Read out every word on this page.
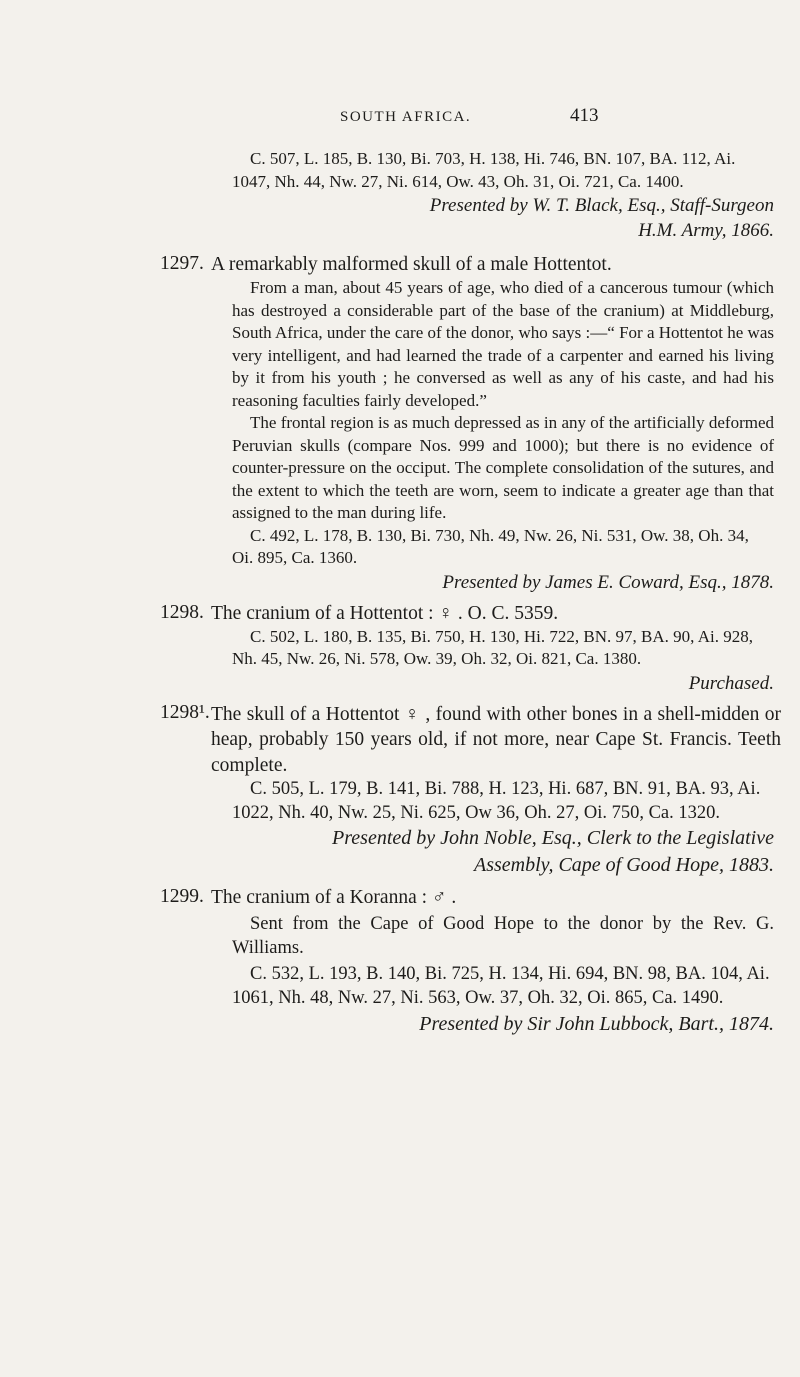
SOUTH AFRICA.	413

C. 507, L. 185, B. 130, Bi. 703, H. 138, Hi. 746, BN. 107, BA. 112, Ai. 1047, Nh. 44, Nw. 27, Ni. 614, Ow. 43, Oh. 31, Oi. 721, Ca. 1400.

Presented by W. T. Black, Esq., Staff-Surgeon

H.M. Army, 1866.

1297. A remarkably malformed skull of a male Hottentot.

From a man, about 45 years of age, who died of a cancerous tumour (which has destroyed a considerable part of the base of the cranium) at Middleburg, South Africa, under the care of the donor, who says :—“ For a Hottentot he was very intelligent, and had learned the trade of a carpenter and earned his living by it from his youth ; he conversed as well as any of his caste, and had his reasoning faculties fairly developed.”

The frontal region is as much depressed as in any of the artificially deformed Peruvian skulls (compare Nos. 999 and 1000); but there is no evidence of counter-pressure on the occiput. The complete consolidation of the sutures, and the extent to which the teeth are worn, seem to indicate a greater age than that assigned to the man during life.

C. 492, L. 178, B. 130, Bi. 730, Nh. 49, Nw. 26, Ni. 531, Ow. 38, Oh. 34, Oi. 895, Ca. 1360.

Presented by James E. Coward, Esq., 1878.

1298. The cranium of a Hottentot : ♀ . O. C. 5359.

C. 502, L. 180, B. 135, Bi. 750, H. 130, Hi. 722, BN. 97, BA. 90, Ai. 928, Nh. 45, Nw. 26, Ni. 578, Ow. 39, Oh. 32, Oi. 821, Ca. 1380.

Purchased.

1298¹. The skull of a Hottentot ♀ , found with other bones in a shell-midden or heap, probably 150 years old, if not more, near Cape St. Francis. Teeth complete.

C. 505, L. 179, B. 141, Bi. 788, H. 123, Hi. 687, BN. 91, BA. 93, Ai. 1022, Nh. 40, Nw. 25, Ni. 625, Ow 36, Oh. 27, Oi. 750, Ca. 1320.

Presented by John Noble, Esq., Clerk to the Legislative

Assembly, Cape of Good Hope, 1883.

1299. The cranium of a Koranna : ♂ .

Sent from the Cape of Good Hope to the donor by the Rev. G. Williams.

C. 532, L. 193, B. 140, Bi. 725, H. 134, Hi. 694, BN. 98, BA. 104, Ai. 1061, Nh. 48, Nw. 27, Ni. 563, Ow. 37, Oh. 32, Oi. 865, Ca. 1490.

Presented by Sir John Lubbock, Bart., 1874.
